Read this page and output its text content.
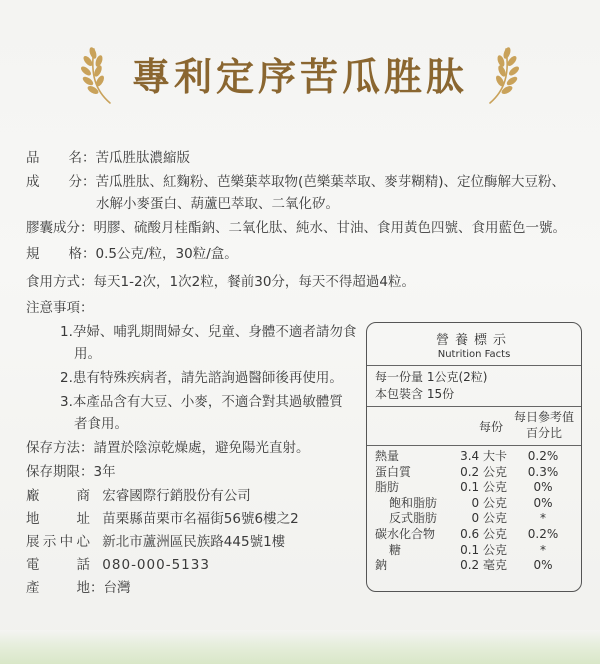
專利定序苦瓜胜肽
品名：苦瓜胜肽濃縮版
成分：苦瓜胜肽、紅麴粉、芭樂葉萃取物(芭樂葉萃取、麥芽糊精)、定位酶解大豆粉、
水解小麥蛋白、葫蘆巴萃取、二氧化矽。
膠囊成分：明膠、硫酸月桂酯鈉、二氧化肽、純水、甘油、食用黃色四號、食用藍色一號。
規格：0.5公克/粒，30粒/盒。
食用方式：每天1-2次，1次2粒，餐前30分，每天不得超過4粒。
注意事項：
1.孕婦、哺乳期間婦女、兒童、身體不適者請勿食
用。
2.患有特殊疾病者，請先諮詢過醫師後再使用。
3.本產品含有大豆、小麥，不適合對其過敏體質
者食用。
保存方法：請置於陰涼乾燥處，避免陽光直射。
保存期限：3年
廠商 宏睿國際行銷股份有公司
地址 苗栗縣苗栗市名福街56號6樓之2
展示中心 新北市蘆洲區民族路445號1樓
電話 080-000-5133
產地：台灣
營養標示
Nutrition Facts
每一份量 1公克(2粒)
本包裝含 15份
每份
每日參考值
百分比
熱量	3.4 大卡	0.2%
蛋白質	0.2 公克	0.3%
脂肪	0.1 公克	0%
飽和脂肪	0 公克	0%
反式脂肪	0 公克	*
碳水化合物	0.6 公克	0.2%
糖	0.1 公克	*
鈉	0.2 毫克	0%
